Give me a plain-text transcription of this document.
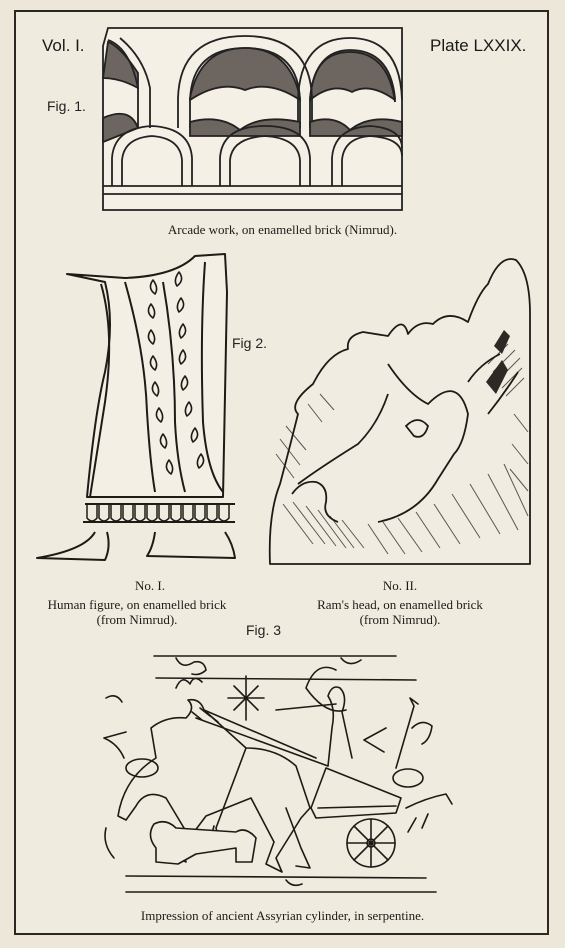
Vol. I.	Plate LXXIX.
Fig. 1.
Arcade work, on enamelled brick (Nimrud).
Fig 2.
No. I.
Human figure, on enamelled brick
(from Nimrud).
No. II.
Ram's head, on enamelled brick
(from Nimrud).
Fig. 3
Impression of ancient Assyrian cylinder, in serpentine.
